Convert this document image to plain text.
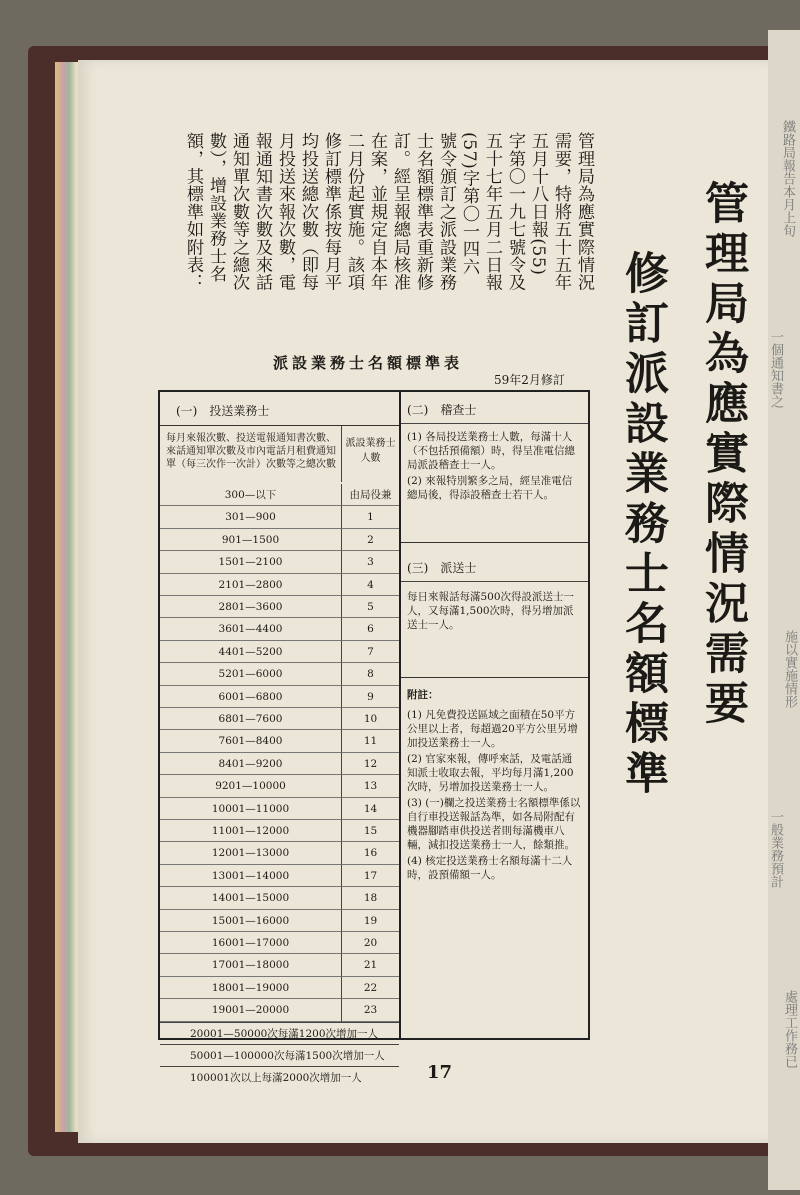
鐵路局報告本月上旬
一個通知書之
施以實施情形
一般業務預計
處理工作務已
管理局為應實際情況需要
修訂派設業務士名額標準
管理局為應實際情況需要，特將五十五年五月十八日報(55)字第〇一九七號令及五十七年五月二日報(57)字第〇一四六號令頒訂之派設業務士名額標準表重新修訂。經呈報總局核准在案，並規定自本年二月份起實施。該項修訂標準係按每月平均投送總次數（即每月投送來報次數，電報通知書次數及來話通知單次數等之總次數），增設業務士名額，其標準如附表：
派設業務士名額標準表
59年2月修訂
(一)　投送業務士
每月來報次數、投送電報通知書次數、來話通知單次數及市內電話月租費通知單（每三次作一次計）次數等之總次數
派設業務士人數
300—以下	由局役兼
301—900	1
901—1500	2
1501—2100	3
2101—2800	4
2801—3600	5
3601—4400	6
4401—5200	7
5201—6000	8
6001—6800	9
6801—7600	10
7601—8400	11
8401—9200	12
9201—10000	13
10001—11000	14
11001—12000	15
12001—13000	16
13001—14000	17
14001—15000	18
15001—16000	19
16001—17000	20
17001—18000	21
18001—19000	22
19001—20000	23
20001—50000次每滿1200次增加一人
50001—100000次每滿1500次增加一人
100001次以上每滿2000次增加一人
(二)　稽查士
(1) 各局投送業務士人數，每滿十人（不包括預備額）時，得呈准電信總局派設稽查士一人。
(2) 來報特別繁多之局，經呈准電信總局後，得添設稽查士若干人。
(三)　派送士
每日來報話每滿500次得設派送士一人，又每滿1,500次時，得另增加派送士一人。
附註：
(1) 凡免費投送區域之面積在50平方公里以上者，每超過20平方公里另增加投送業務士一人。
(2) 官家來報，傳呼來話，及電話通知派士收取去報，平均每月滿1,200次時，另增加投送業務士一人。
(3) (一)欄之投送業務士名額標準係以自行車投送報話為準，如各局附配有機器腳踏車供投送者則每滿機車八輛，減扣投送業務士一人，餘類推。
(4) 核定投送業務士名額每滿十二人時，設預備額一人。
17
